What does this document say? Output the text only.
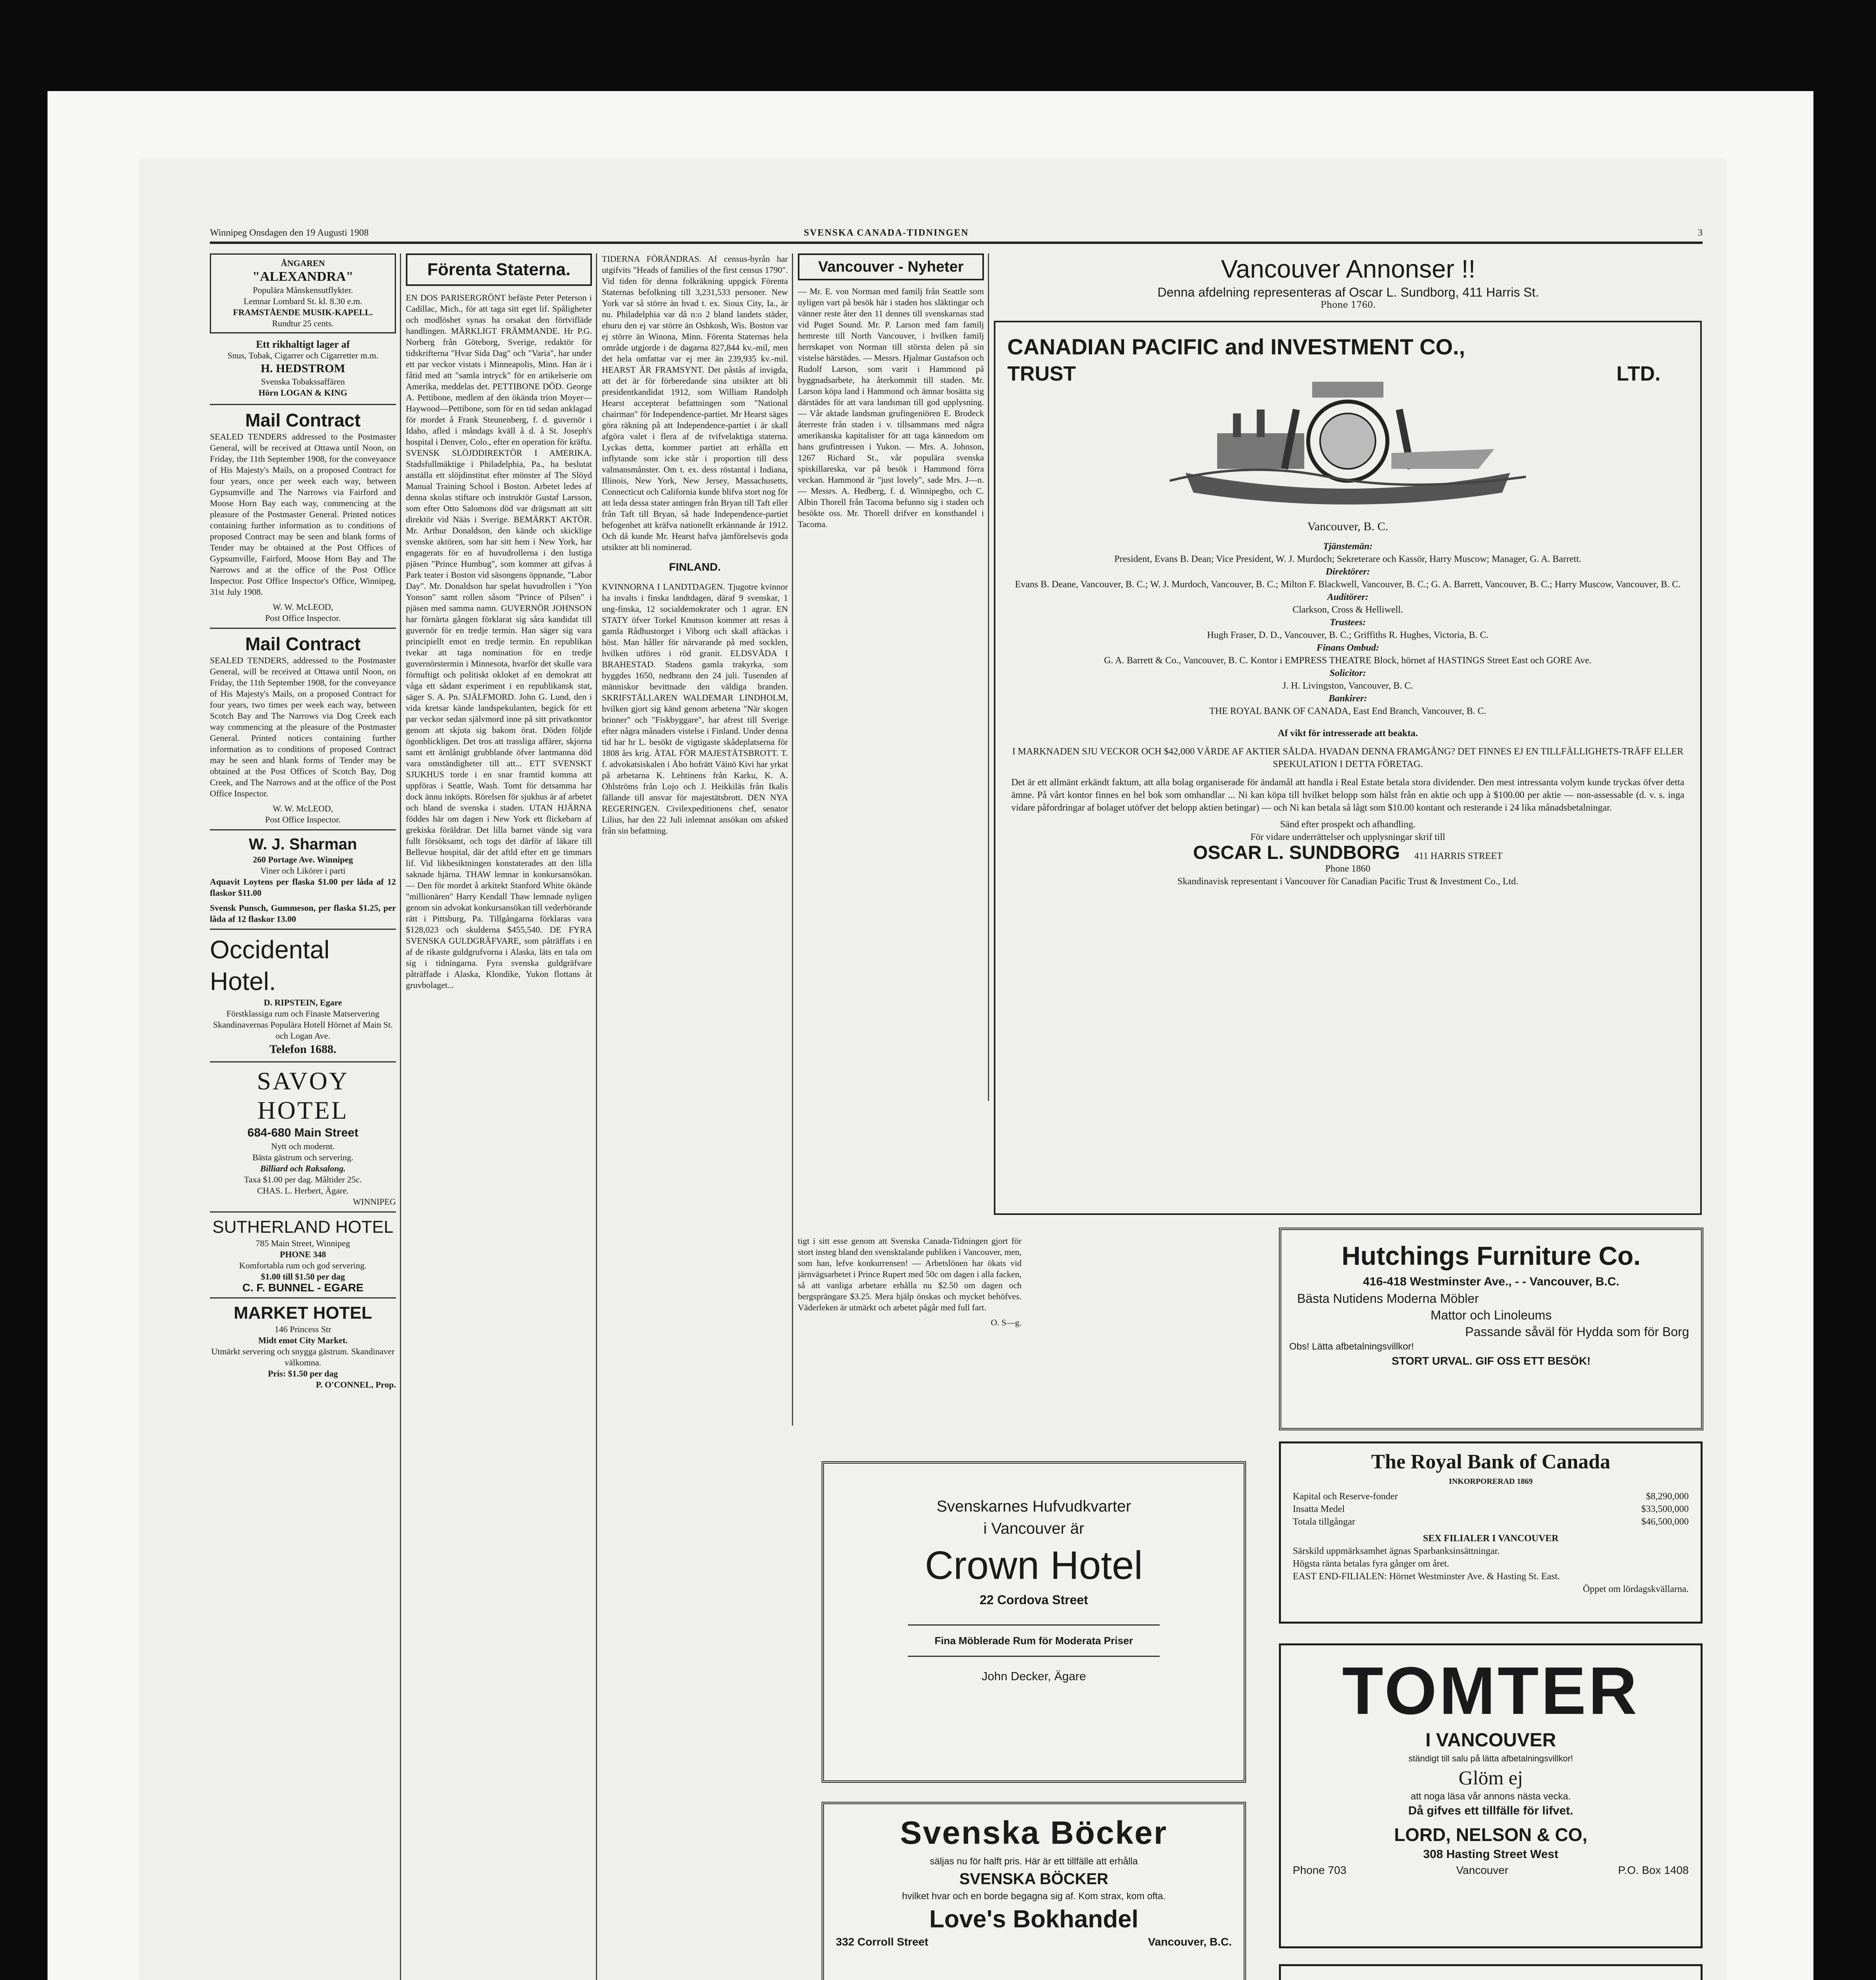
Winnipeg Onsdagen den 19 Augusti 1908	SVENSKA CANADA-TIDNINGEN	3
ÅNGAREN
"ALEXANDRA"
Populära Månskensutflykter.
Lemnar Lombard St. kl. 8.30 e.m.
FRAMSTÅENDE MUSIK-KAPELL.
Rundtur 25 cents.
Ett rikhaltigt lager af
Snus, Tobak, Cigarrer och Cigarretter m.m.
H. HEDSTROM
Svenska Tobakssaffären
Hörn LOGAN & KING
Mail Contract

SEALED TENDERS addressed to the Postmaster General, will be received at Ottawa until Noon, on Friday, the 11th September 1908, for the conveyance of His Majesty's Mails, on a proposed Contract for four years, once per week each way, between Gypsumville and The Narrows via Fairford and Moose Horn Bay each way, commencing at the pleasure of the Postmaster General. Printed notices containing further information as to conditions of proposed Contract may be seen and blank forms of Tender may be obtained at the Post Offices of Gypsumville, Fairford, Moose Horn Bay and The Narrows and at the office of the Post Office Inspector. Post Office Inspector's Office, Winnipeg, 31st July 1908.

W. W. McLEOD,
Post Office Inspector.
Mail Contract

SEALED TENDERS, addressed to the Postmaster General, will be received at Ottawa until Noon, on Friday, the 11th September 1908, for the conveyance of His Majesty's Mails, on a proposed Contract for four years, two times per week each way, between Scotch Bay and The Narrows via Dog Creek each way commencing at the pleasure of the Postmaster General. Printed notices containing further information as to conditions of proposed Contract may be seen and blank forms of Tender may be obtained at the Post Offices of Scotch Bay, Dog Creek, and The Narrows and at the office of the Post Office Inspector.

W. W. McLEOD,
Post Office Inspector.
W. J. Sharman
260 Portage Ave. Winnipeg
Viner och Likörer i parti

Aquavit Loytens per flaska $1.00 per låda af 12 flaskor $11.00

Svensk Punsch, Gummeson, per flaska $1.25, per låda af 12 flaskor 13.00

Occidental Hotel.
D. RIPSTEIN, Egare
Förstklassiga rum och Finaste Matservering
Skandinavernas Populära Hotell Hörnet af Main St. och Logan Ave.
Telefon 1688.
SAVOY HOTEL
684-680 Main Street
Nytt och modernt.
Bästa gästrum och servering.
Billiard och Raksalong.
Taxa $1.00 per dag. Måltider 25c.
CHAS. L. Herbert, Ägare.
WINNIPEG
SUTHERLAND HOTEL
785 Main Street, Winnipeg
PHONE 348
Komfortabla rum och god servering.
$1.00 till $1.50 per dag
C. F. BUNNEL - EGARE
MARKET HOTEL
146 Princess Str
Midt emot City Market.
Utmärkt servering och snygga gästrum. Skandinaver välkomna.
Pris: $1.50 per dag
P. O'CONNEL, Prop.
Förenta Staterna.

EN DOS PARISERGRÖNT befäste Peter Peterson i Cadillac, Mich., för att taga sitt eget lif. Spåligheter och modlöshet synas ha orsakat den förtvifläde handlingen. MÄRKLIGT FRÄMMANDE. Hr P.G. Norberg från Göteborg, Sverige, redaktör för tidskrifterna "Hvar Sida Dag" och "Varia", har under ett par veckor vistats i Minneapolis, Minn. Han är i fåtid med att "samla intryck" för en artikelserie om Amerika, meddelas det. PETTIBONE DÖD. George A. Pettibone, medlem af den ökända trion Moyer—Haywood—Pettibone, som för en tid sedan anklagad för mordet å Frank Steunenberg, f. d. guvernör i Idaho, afled i måndags kväll å d. å St. Joseph's hospital i Denver, Colo., efter en operation för kräfta. SVENSK SLÖJDDIREKTÖR I AMERIKA. Stadsfullmäktige i Philadelphia, Pa., ha beslutat anställa ett slöjdinstitut efter mönster af The Slöyd Manual Training School i Boston. Arbetet ledes af denna skolas stiftare och instruktör Gustaf Larsson, som efter Otto Salomons död var drägsmatt att sitt direktör vid Nääs i Sverige. BEMÄRKT AKTÖR. Mr. Arthur Donaldson, den kände och skicklige svenske aktören, som har sitt hem i New York, har engagerats för en af huvudrollerna i den lustiga pjäsen "Prince Humbug", som kommer att gifvas å Park teater i Boston vid säsongens öppnande, "Labor Day". Mr. Donaldson har spelat huvudrollen i "Yon Yonson" samt rollen såsom "Prince of Pilsen" i pjäsen med samma namn. GUVERNÖR JOHNSON har förnärta gången förklarat sig såra kandidat till guvernör för en tredje termin. Han säger sig vara principiellt emot en tredje termin. En republikan tvekar att taga nomination för en tredje guvernörstermin i Minnesota, hvarför det skulle vara förnuftigt och politiskt okloket af en demokrat att våga ett sådant experiment i en republikansk stat, säger S. A. Pn. SJÄLFMORD. John G. Lund, den i vida kretsar kände landspekulanten, begick för ett par veckor sedan självmord inne på sitt privatkontor genom att skjuta sig bakom örat. Döden följde ögonblickligen. Det tros att trassliga affärer, skjorna samt ett ärnlånigt grubblande öfver lantmanna död vara omständigheter till att... ETT SVENSKT SJUKHUS torde i en snar framtid komma att uppföras i Seattle, Wash. Tomt för detsamma har dock ännu inköpts. Rörelsen för sjukhus är af arbetet och bland de svenska i staden. UTAN HJÄRNA föddes här om dagen i New York ett flickebarn af grekiska föräldrar. Det lilla barnet vände sig vara fullt försöksamt, och togs det därför af läkare till Bellevue hospital, där det aftld efter ett ge timmars lif. Vid likbesiktningen konstaterades att den lilla saknade hjärna. THAW lemnar in konkursansökan. — Den för mordet å arkitekt Stanford White ökände "millionären" Harry Kendall Thaw lemnade nyligen genom sin advokat konkursansökan till vederbörande rätt i Pittsburg, Pa. Tillgångarna förklaras vara $128,023 och skulderna $455,540. DE FYRA SVENSKA GULDGRÄFVARE, som påträffats i en af de rikaste guldgrufvorna i Alaska, läts en tala om sig i tidningarna. Fyra svenska guldgräfvare påträffade i Alaska, Klondike, Yukon flottans åt gruvbolaget...

TIDERNA FÖRÄNDRAS. Af census-byrån har utgifvits "Heads of families of the first census 1790". Vid tiden för denna folkräkning uppgick Förenta Staternas befolkning till 3,231,533 personer. New York var så större än hvad t. ex. Sioux City, Ia., är nu. Philadelphia var då n:o 2 bland landets städer, ehuru den ej var större än Oshkosh, Wis. Boston var ej större än Winona, Minn. Förenta Staternas hela område utgjorde i de dagarna 827,844 kv.-mil, men det hela omfattar var ej mer än 239,935 kv.-mil. HEARST ÄR FRAMSYNT. Det påstås af invigda, att det är för förberedande sina utsikter att bli presidentkandidat 1912, som William Randolph Hearst accepterat befattningen som "National chairman" för Independence-partiet. Mr Hearst säges göra räkning på att Independence-partiet i är skall afgöra valet i flera af de tvifvelaktiga staterna. Lyckas detta, kommer partiet att erhålla ett inflytande som icke står i proportion till dess valmansmånster. Om t. ex. dess röstantal i Indiana, Illinois, New York, New Jersey, Massachusetts, Connecticut och California kunde blifva stort nog för att leda dessa stater antingen från Bryan till Taft eller från Taft till Bryan, så hade Independence-partiet befogenhet att kräfva nationellt erkännande år 1912. Och då kunde Mr. Hearst hafva jämförelsevis goda utsikter att bli nominerad.

FINLAND.

KVINNORNA I LANDTDAGEN. Tjugotre kvinnor ha invalts i finska landtdagen, däraf 9 svenskar, 1 ung-finska, 12 socialdemokrater och 1 agrar. EN STATY öfver Torkel Knutsson kommer att resas å gamla Rådhustorget i Viborg och skall aftäckas i höst. Man håller för närvarande på med socklen, hvilken utföres i röd granit. ELDSVÅDA I BRAHESTAD. Stadens gamla trakyrka, som byggdes 1650, nedbrann den 24 juli. Tusenden af människor bevittnade den väldiga branden. SKRIFSTÄLLAREN WALDEMAR LINDHOLM, hvilken gjort sig känd genom arbetena "När skogen brinner" och "Fiskbyggare", har afrest till Sverige efter några månaders vistelse i Finland. Under denna tid har hr L. besökt de vigtigaste skådeplatserna för 1808 års krig. ÅTAL FÖR MAJESTÄTSBROTT. T. f. advokatsiskalen i Åbo hofrätt Väinö Kivi har yrkat på arbetarna K. Lehtinens från Karku, K. A. Ohlströms från Lojo och J. Heikkiläs från Ikalis fällande till ansvar för majestätsbrott. DEN NYA REGERINGEN. Civilexpeditionens chef, senator Lilius, har den 22 Juli inlemnat ansökan om afsked från sin befattning.

Vancouver - Nyheter

— Mr. E. von Norman med familj från Seattle som nyligen vart på besök här i staden hos släktingar och vänner reste åter den 11 dennes till svenskarnas stad vid Puget Sound. Mr. P. Larson med fam familj hemreste till North Vancouver, i hvilken familj herrskapet von Norman till största delen på sin vistelse härstädes. — Messrs. Hjalmar Gustafson och Rudolf Larson, som varit i Hammond på byggnadsarbete, ha återkommit till staden. Mr. Larson köpa land i Hammond och ämnar bosätta sig därstädes för att vara landsman till god upplysning. — Vår aktade landsman grufingeniören E. Brodeck återreste från staden i v. tillsammans med några amerikanska kapitalister för att taga kännedom om hans grufintressen i Yukon. — Mrs. A. Johnson, 1267 Richard St., vår populära svenska spiskillareska, var på besök i Hammond förra veckan. Hammond är "just lovely", sade Mrs. J—n. — Messrs. A. Hedberg, f. d. Winnipegbo, och C. Albin Thorell från Tacoma befunno sig i staden och besökte oss. Mr. Thorell drifver en konsthandel i Tacoma.

tigt i sitt esse genom att Svenska Canada-Tidningen gjort för stort insteg bland den svensktalande publiken i Vancouver, men, som han, lefve konkurrensen! — Arbetslönen har ökats vid järnvägsarbetet i Prince Rupert med 50c om dagen i alla facken, så att vanliga arbetare erhålla nu $2.50 om dagen och bergsprängare $3.25. Mera hjälp önskas och mycket behöfves. Väderleken är utmärkt och arbetet pågår med full fart.

O. S—g.
Vancouver Annonser !!
Denna afdelning representeras af Oscar L. Sundborg, 411 Harris St.
Phone 1760.
CANADIAN PACIFIC and INVESTMENT CO.,
TRUST	LTD.
Vancouver, B. C.
Tjänstemän:
President, Evans B. Dean; Vice President, W. J. Murdoch; Sekreterare och Kassör, Harry Muscow; Manager, G. A. Barrett.
Direktörer:
Evans B. Deane, Vancouver, B. C.; W. J. Murdoch, Vancouver, B. C.; Milton F. Blackwell, Vancouver, B. C.; G. A. Barrett, Vancouver, B. C.; Harry Muscow, Vancouver, B. C.
Auditörer:
Clarkson, Cross & Helliwell.
Trustees:
Hugh Fraser, D. D., Vancouver, B. C.; Griffiths R. Hughes, Victoria, B. C.
Finans Ombud:
G. A. Barrett & Co., Vancouver, B. C. Kontor i EMPRESS THEATRE Block, hörnet af HASTINGS Street East och GORE Ave.
Solicitor:
J. H. Livingston, Vancouver, B. C.
Bankirer:
THE ROYAL BANK OF CANADA, East End Branch, Vancouver, B. C.
Af vikt för intresserade att beakta.
I MARKNADEN SJU VECKOR OCH $42,000 VÄRDE AF AKTIER SÅLDA. HVADAN DENNA FRAMGÅNG? DET FINNES EJ EN TILLFÄLLIGHETS-TRÄFF ELLER SPEKULATION I DETTA FÖRETAG.
Det är ett allmänt erkändt faktum, att alla bolag organiserade för ändamål att handla i Real Estate betala stora dividender. Den mest intressanta volym kunde tryckas öfver detta ämne. På vårt kontor finnes en hel bok som omhandlar ... Ni kan köpa till hvilket belopp som hälst från en aktie och upp à $100.00 per aktie — non-assessable (d. v. s. inga vidare påfordringar af bolaget utöfver det belopp aktien betingar) — och Ni kan betala så lågt som $10.00 kontant och resterande i 24 lika månadsbetalningar.
Sänd efter prospekt och afhandling.
För vidare underrättelser och upplysningar skrif till
OSCAR L. SUNDBORG 411 HARRIS STREET
Phone 1860
Skandinavisk representant i Vancouver för Canadian Pacific Trust & Investment Co., Ltd.
Hutchings Furniture Co.
416-418 Westminster Ave., - - Vancouver, B.C.
Bästa Nutidens Moderna Möbler
Mattor och Linoleums
Passande såväl för Hydda som för Borg
Obs! Lätta afbetalningsvillkor!
STORT URVAL. GIF OSS ETT BESÖK!
The Royal Bank of Canada
INKORPORERAD 1869
Kapital och Reserve-fonder	$8,290,000
Insatta Medel	$33,500,000
Totala tillgångar	$46,500,000
SEX FILIALER I VANCOUVER
Särskild uppmärksamhet ägnas Sparbanksinsättningar.
Högsta ränta betalas fyra gånger om året.
EAST END-FILIALEN: Hörnet Westminster Ave. & Hasting St. East.
Öppet om lördagskvällarna.
Svenskarnes Hufvudkvarter
i Vancouver är
Crown Hotel
22 Cordova Street
Fina Möblerade Rum för Moderata Priser
John Decker, Ägare	TOMTER
I VANCOUVER
ständigt till salu på lätta afbetalningsvillkor!
Glöm ej
att noga läsa vår annons nästa vecka.
Då gifves ett tillfälle för lifvet.
LORD, NELSON & CO,
308 Hasting Street West
Phone 703	Vancouver	P.O. Box 1408
Svenska Böcker
säljas nu för halft pris. Här är ett tillfälle att erhålla
SVENSKA BÖCKER
hvilket hvar och en borde begagna sig af. Kom strax, kom ofta.
Love's Bokhandel
332 Corroll Street	Vancouver, B.C.
